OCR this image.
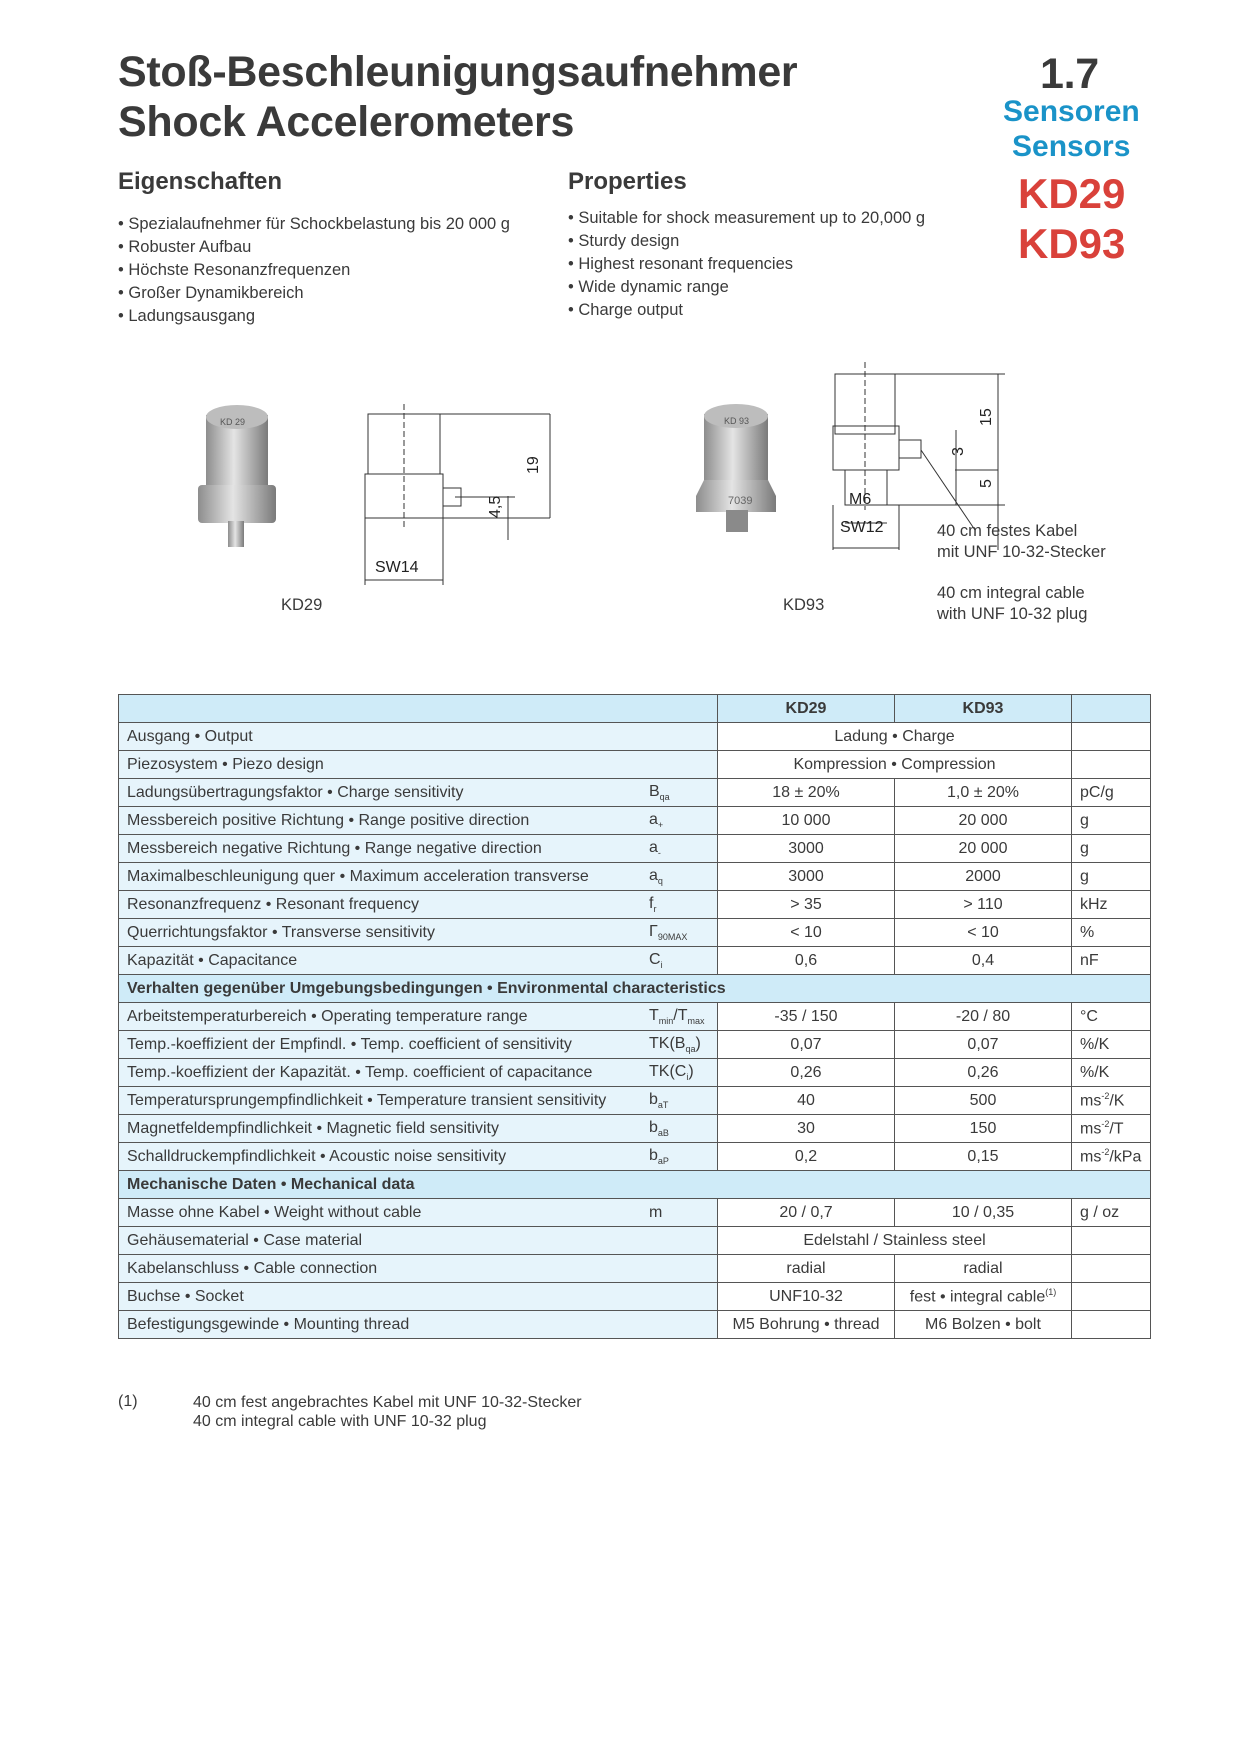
Stoß-Beschleunigungsaufnehmer
Shock Accelerometers
1.7
Sensoren
Sensors
KD29
KD93
Eigenschaften	Properties
• Spezialaufnehmer für Schockbelastung bis 20 000 g
• Robuster Aufbau
• Höchste Resonanzfrequenzen
• Großer Dynamikbereich
• Ladungsausgang
• Suitable for shock measurement up to 20,000 g
• Sturdy design
• Highest resonant frequencies
• Wide dynamic range
• Charge output
KD 29
SW14
19
4,5
KD29
KD 93
7039	M6
SW12
15
3
5
40 cm festes Kabel
mit UNF 10-32-Stecker
40 cm integral cable
with UNF 10-32 plug
KD93
		KD29	KD93	
Ausgang • Output		Ladung • Charge		
Piezosystem • Piezo design		Kompression • Compression		
Ladungsübertragungsfaktor • Charge sensitivity	$B_{qa}$	18 ± 20%	1,0 ± 20%	pC/g
Messbereich positive Richtung • Range positive direction	$a_+$	10 000	20 000	g
Messbereich negative Richtung • Range negative direction	$a_-$	3000	20 000	g
Maximalbeschleunigung quer • Maximum acceleration transverse	$a_q$	3000	2000	g
Resonanzfrequenz • Resonant frequency	$f_r$	> 35	> 110	kHz
Querrichtungsfaktor • Transverse sensitivity	$\Gamma_{90MAX}$	< 10	< 10	%
Kapazität • Capacitance	$C_i$	0,6	0,4	nF
Verhalten gegenüber Umgebungsbedingungen • Environmental characteristics				
Arbeitstemperaturbereich • Operating temperature range	$T_{min}/T_{max}$	-35 / 150	-20 / 80	°C
Temp.-koeffizient der Empfindl. • Temp. coefficient of sensitivity	$TK(B_{qa})$	0,07	0,07	%/K
Temp.-koeffizient der Kapazität. • Temp. coefficient of capacitance	$TK(C_i)$	0,26	0,26	%/K
Temperatursprungempfindlichkeit • Temperature transient sensitivity	$b_{aT}$	40	500	$ms^{-2}/K$
Magnetfeldempfindlichkeit • Magnetic field sensitivity	$b_{aB}$	30	150	$ms^{-2}/T$
Schalldruckempfindlichkeit • Acoustic noise sensitivity	$b_{aP}$	0,2	0,15	$ms^{-2}$/kPa
Mechanische Daten • Mechanical data				
Masse ohne Kabel • Weight without cable	m	20 / 0,7	10 / 0,35	g / oz
Gehäusematerial • Case material		Edelstahl / Stainless steel		
Kabelanschluss • Cable connection		radial	radial	
Buchse • Socket		UNF10-32	fest • integral cable$^{(1)}$	
Befestigungsgewinde • Mounting thread		M5 Bohrung • thread	M6 Bolzen • bolt	
(1)	40 cm fest angebrachtes Kabel mit UNF 10-32-Stecker
40 cm integral cable with UNF 10-32 plug
